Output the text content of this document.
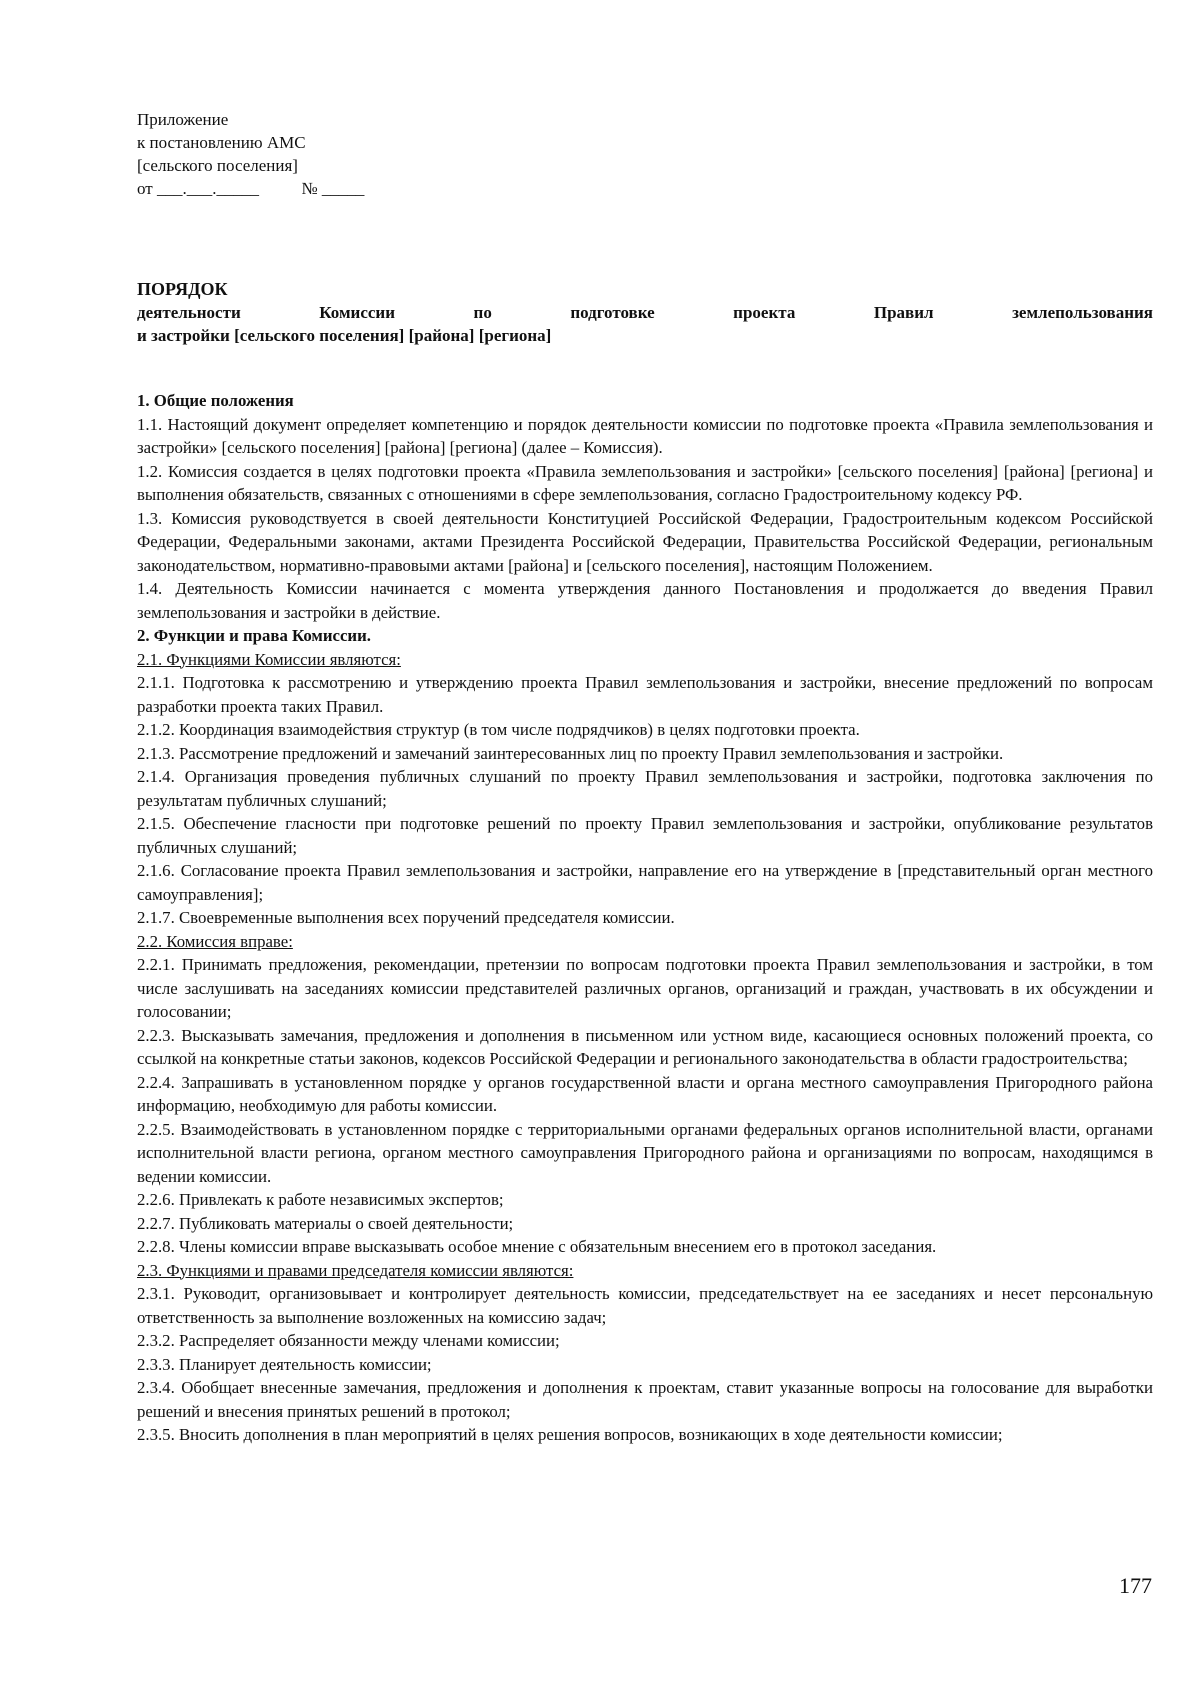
Приложение
к постановлению АМС
[сельского поселения]
от ___.___._____          № _____
ПОРЯДОК
деятельности Комиссии по подготовке проекта Правил землепользования
и застройки [сельского поселения] [района] [региона]

1. Общие положения

1.1. Настоящий документ определяет компетенцию и порядок деятельности комиссии по подготовке проекта «Правила землепользования и застройки» [сельского поселения] [района] [региона] (далее – Комиссия).

1.2. Комиссия создается в целях подготовки проекта «Правила землепользования и застройки» [сельского поселения] [района] [региона] и выполнения обязательств, связанных с отношениями в сфере землепользования, согласно Градостроительному кодексу РФ.

1.3. Комиссия руководствуется в своей деятельности Конституцией Российской Федерации, Градостроительным кодексом Российской Федерации, Федеральными законами, актами Президента Российской Федерации, Правительства Российской Федерации, региональным законодательством, нормативно-правовыми актами [района] и [сельского поселения], настоящим Положением.

1.4. Деятельность Комиссии начинается с момента утверждения данного Постановления и продолжается до введения Правил землепользования и застройки в действие.

2. Функции и права Комиссии.

2.1. Функциями Комиссии являются:

2.1.1. Подготовка к рассмотрению и утверждению проекта Правил землепользования и застройки, внесение предложений по вопросам разработки проекта таких Правил.

2.1.2. Координация взаимодействия структур (в том числе подрядчиков) в целях подготовки проекта.

2.1.3. Рассмотрение предложений и замечаний заинтересованных лиц по проекту Правил землепользования и застройки.

2.1.4. Организация проведения публичных слушаний по проекту Правил землепользования и застройки, подготовка заключения по результатам публичных слушаний;

2.1.5. Обеспечение гласности при подготовке решений по проекту Правил землепользования и застройки, опубликование результатов публичных слушаний;

2.1.6. Согласование проекта Правил землепользования и застройки, направление его на утверждение в [представительный орган местного самоуправления];

2.1.7. Своевременные выполнения всех поручений председателя комиссии.

2.2. Комиссия вправе:

2.2.1. Принимать предложения, рекомендации, претензии по вопросам подготовки проекта Правил землепользования и застройки, в том числе заслушивать на заседаниях комиссии представителей различных органов, организаций и граждан, участвовать в их обсуждении и голосовании;

2.2.3. Высказывать замечания, предложения и дополнения в письменном или устном виде, касающиеся основных положений проекта, со ссылкой на конкретные статьи законов, кодексов Российской Федерации и регионального законодательства в области градостроительства;

2.2.4. Запрашивать в установленном порядке у органов государственной власти и органа местного самоуправления Пригородного района информацию, необходимую для работы комиссии.

2.2.5. Взаимодействовать в установленном порядке с территориальными органами федеральных органов исполнительной власти, органами исполнительной власти региона, органом местного самоуправления Пригородного района и организациями по вопросам, находящимся в ведении комиссии.

2.2.6. Привлекать к работе независимых экспертов;

2.2.7. Публиковать материалы о своей деятельности;

2.2.8. Члены комиссии вправе высказывать особое мнение с обязательным внесением его в протокол заседания.

2.3. Функциями и правами председателя комиссии являются:

2.3.1. Руководит, организовывает и контролирует деятельность комиссии, председательствует на ее заседаниях и несет персональную ответственность за выполнение возложенных на комиссию задач;

2.3.2. Распределяет обязанности между членами комиссии;

2.3.3. Планирует деятельность комиссии;

2.3.4. Обобщает внесенные замечания, предложения и дополнения к проектам, ставит указанные вопросы на голосование для выработки решений и внесения принятых решений в протокол;

2.3.5. Вносить дополнения в план мероприятий в целях решения вопросов, возникающих в ходе деятельности комиссии;

177
